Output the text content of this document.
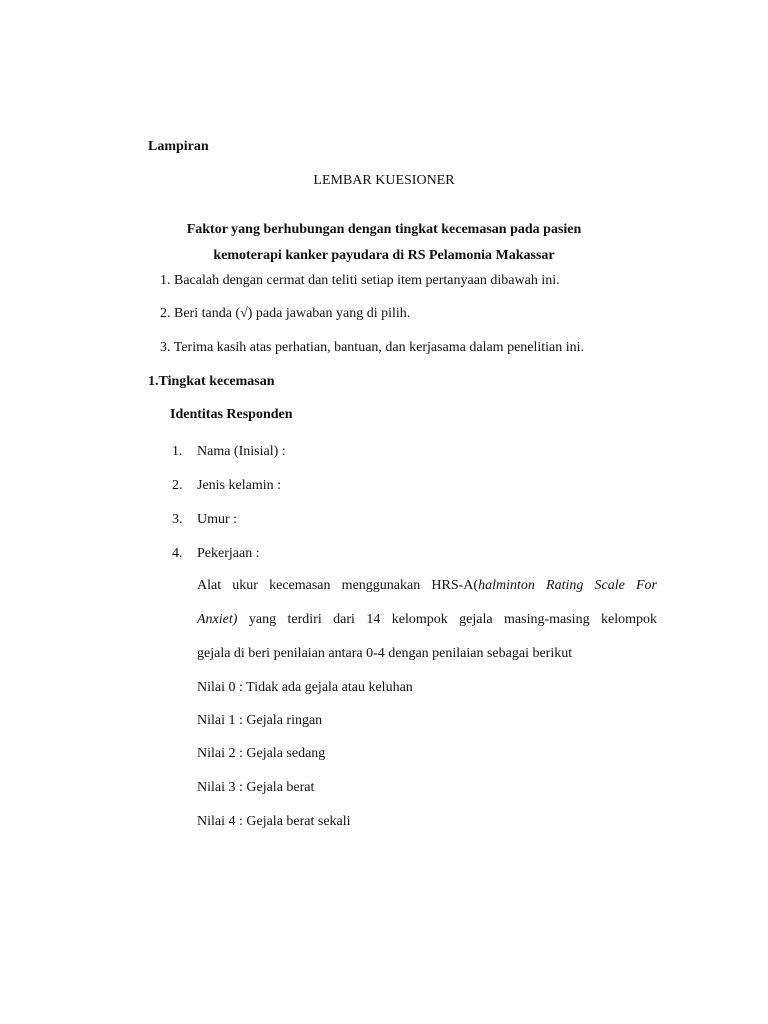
Lampiran
LEMBAR KUESIONER
Faktor yang berhubungan dengan tingkat kecemasan pada pasien
kemoterapi kanker payudara di RS Pelamonia Makassar
1. Bacalah dengan cermat dan teliti setiap item pertanyaan dibawah ini.
2. Beri tanda (√) pada jawaban yang di pilih.
3. Terima kasih atas perhatian, bantuan, dan kerjasama dalam penelitian ini.
1.Tingkat kecemasan
Identitas Responden
1. Nama (Inisial) :
2. Jenis kelamin :
3. Umur :
4. Pekerjaan :
Alat ukur kecemasan menggunakan HRS-A(halminton Rating Scale For
Anxiet) yang terdiri dari 14 kelompok gejala masing-masing kelompok
gejala di beri penilaian antara 0-4 dengan penilaian sebagai berikut
Nilai 0 : Tidak ada gejala atau keluhan
Nilai 1 : Gejala ringan
Nilai 2 : Gejala sedang
Nilai 3 : Gejala berat
Nilai 4 : Gejala berat sekali
